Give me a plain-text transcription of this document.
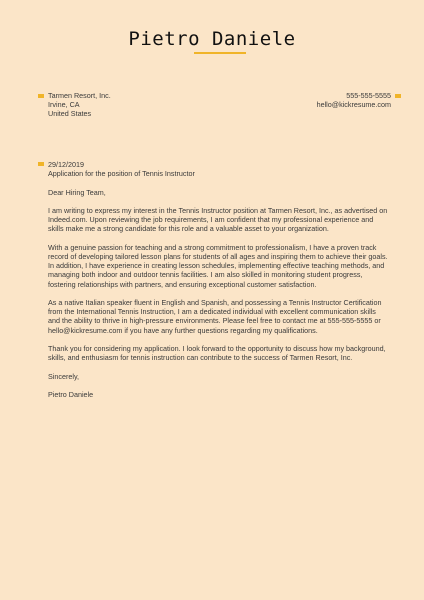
Pietro Daniele
Tarmen Resort, Inc.
Irvine, CA
United States
555-555-5555
hello@kickresume.com

29/12/2019

Application for the position of Tennis Instructor

Dear Hiring Team,

I am writing to express my interest in the Tennis Instructor position at Tarmen Resort, Inc., as advertised on Indeed.com. Upon reviewing the job requirements, I am confident that my professional experience and skills make me a strong candidate for this role and a valuable asset to your organization.

With a genuine passion for teaching and a strong commitment to professionalism, I have a proven track record of developing tailored lesson plans for students of all ages and inspiring them to achieve their goals. In addition, I have experience in creating lesson schedules, implementing effective teaching methods, and managing both indoor and outdoor tennis facilities. I am also skilled in monitoring student progress, fostering relationships with partners, and ensuring exceptional customer satisfaction.

As a native Italian speaker fluent in English and Spanish, and possessing a Tennis Instructor Certification from the International Tennis Instruction, I am a dedicated individual with excellent communication skills and the ability to thrive in high-pressure environments. Please feel free to contact me at 555-555-5555 or hello@kickresume.com if you have any further questions regarding my qualifications.

Thank you for considering my application. I look forward to the opportunity to discuss how my background, skills, and enthusiasm for tennis instruction can contribute to the success of Tarmen Resort, Inc.

Sincerely,

Pietro Daniele
